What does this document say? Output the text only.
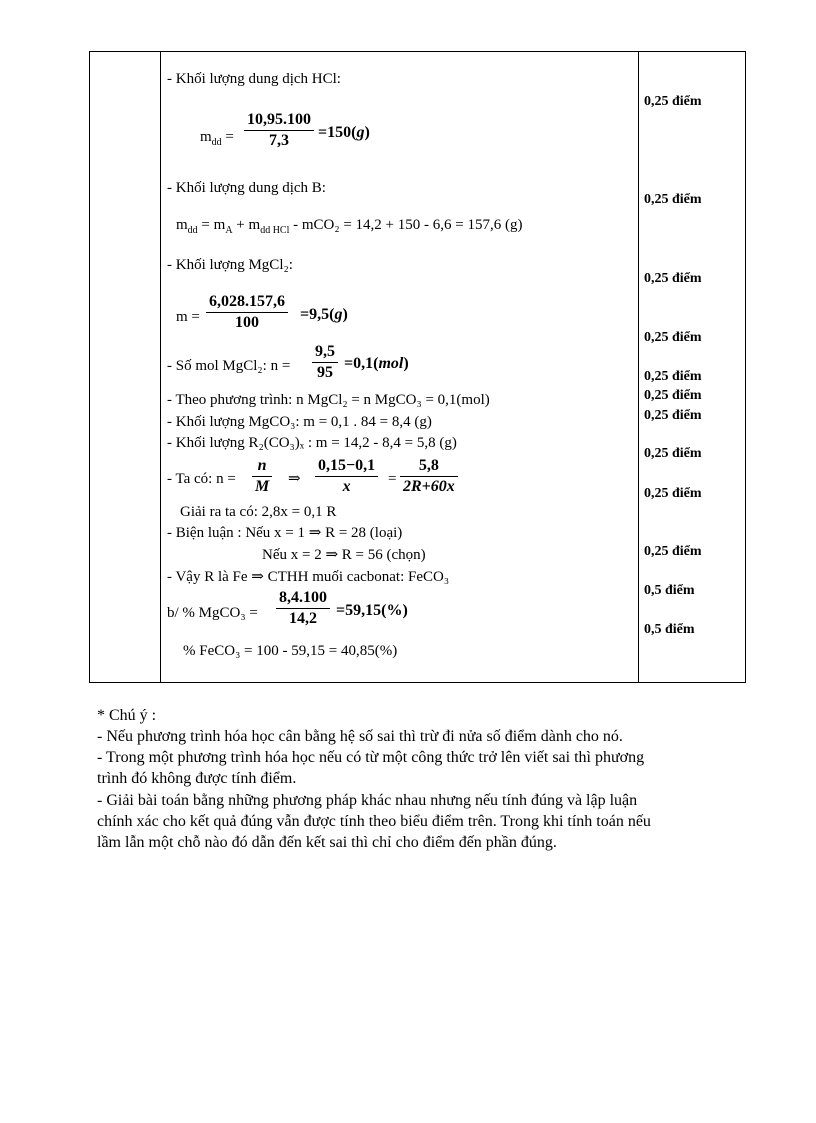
- Khối lượng dung dịch HCl:
$m_{dd}$ =
10,95.100
7,3 =150(g)
- Khối lượng dung dịch B:
$m_{dd} = m_A + m_{dd HCl} - mCO_2 = 14,2 + 150 - 6,6 = 157,6$ (g)
- Khối lượng MgCl₂:
m =
6,028.157,6
100	=9,5(g)
- Số mol MgCl₂: n =
9,5
95
=0,1(mol)
- Theo phương trình: n MgCl₂ = n MgCO₃ = 0,1(mol)
- Khối lượng MgCO₃: m = 0,1 . 84 = 8,4 (g)
- Khối lượng R₂(CO₃)ₓ : m = 14,2 - 8,4 = 5,8 (g)
- Ta có: n =
n
M ⇒
0,15−0,1
x =
5,8
2R+60x
Giải ra ta có: 2,8x = 0,1 R
- Biện luận : Nếu x = 1 ⇒ R = 28 (loại)
Nếu x = 2 ⇒ R = 56 (chọn)
- Vậy R là Fe ⇒ CTHH muối cacbonat: FeCO₃
b/ % MgCO₃ =
8,4.100
14,2 =59,15(%)
% FeCO₃ = 100 - 59,15 = 40,85(%)
0,25 điểm
0,25 điểm
0,25 điểm
0,25 điểm
0,25 điểm
0,25 điểm
0,25 điểm
0,25 điểm
0,25 điểm
0,25 điểm
0,5 điểm
0,5 điểm
* Chú ý :
- Nếu phương trình hóa học cân bằng hệ số sai thì trừ đi nửa số điểm dành cho nó.
- Trong một phương trình hóa học nếu có từ một công thức trở lên viết sai thì phương
trình đó không được tính điểm.
- Giải bài toán bằng những phương pháp khác nhau nhưng nếu tính đúng và lập luận
chính xác cho kết quả đúng vẫn được tính theo biểu điểm trên. Trong khi tính toán nếu
lầm lẫn một chỗ nào đó dẫn đến kết sai thì chỉ cho điểm đến phần đúng.
